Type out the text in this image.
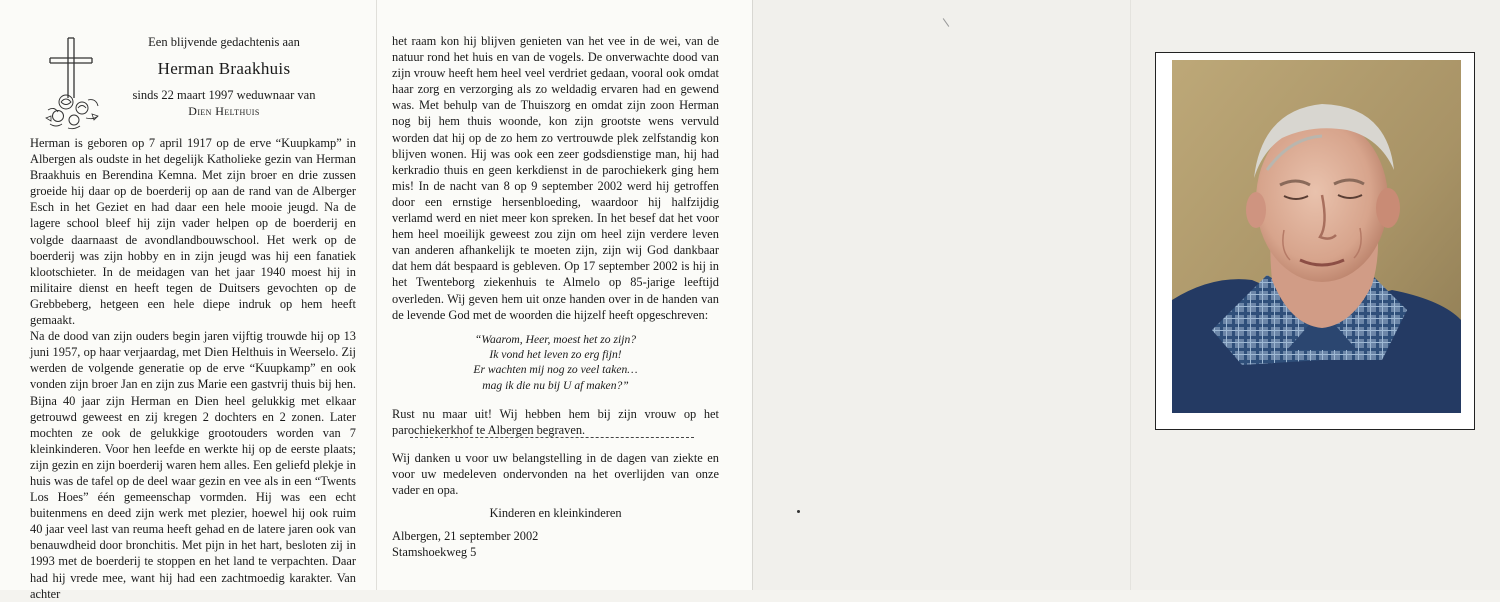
Een blijvende gedachtenis aan
Herman Braakhuis
sinds 22 maart 1997 weduwnaar van
Dien Helthuis

Herman is geboren op 7 april 1917 op de erve “Kuupkamp” in Albergen als oudste in het degelijk Katholieke gezin van Herman Braakhuis en Berendina Kemna. Met zijn broer en drie zussen groeide hij daar op de boerderij op aan de rand van de Alberger Esch in het Geziet en had daar een hele mooie jeugd. Na de lagere school bleef hij zijn vader helpen op de boerderij en volgde daarnaast de avondlandbouwschool. Het werk op de boerderij was zijn hobby en in zijn jeugd was hij een fanatiek klootschieter. In de meidagen van het jaar 1940 moest hij in militaire dienst en heeft tegen de Duitsers gevochten op de Grebbeberg, hetgeen een hele diepe indruk op hem heeft gemaakt.

Na de dood van zijn ouders begin jaren vijftig trouwde hij op 13 juni 1957, op haar verjaardag, met Dien Helthuis in Weerselo. Zij werden de volgende generatie op de erve “Kuupkamp” en ook vonden zijn broer Jan en zijn zus Marie een gastvrij thuis bij hen. Bijna 40 jaar zijn Herman en Dien heel gelukkig met elkaar getrouwd geweest en zij kregen 2 dochters en 2 zonen. Later mochten ze ook de gelukkige grootouders worden van 7 kleinkinderen. Voor hen leefde en werkte hij op de eerste plaats; zijn gezin en zijn boerderij waren hem alles. Een geliefd plekje in huis was de tafel op de deel waar gezin en vee als in een “Twents Los Hoes” één gemeenschap vormden. Hij was een echt buitenmens en deed zijn werk met plezier, hoewel hij ook ruim 40 jaar veel last van reuma heeft gehad en de latere jaren ook van benauwdheid door bronchitis. Met pijn in het hart, besloten zij in 1993 met de boerderij te stoppen en het land te verpachten. Daar had hij vrede mee, want hij had een zachtmoedig karakter. Van achter

het raam kon hij blijven genieten van het vee in de wei, van de natuur rond het huis en van de vogels. De onverwachte dood van zijn vrouw heeft hem heel veel verdriet gedaan, vooral ook omdat haar zorg en verzorging als zo weldadig ervaren had en gewend was. Met behulp van de Thuiszorg en omdat zijn zoon Herman nog bij hem thuis woonde, kon zijn grootste wens vervuld worden dat hij op de zo hem zo vertrouwde plek zelfstandig kon blijven wonen. Hij was ook een zeer godsdienstige man, hij had kerkradio thuis en geen kerkdienst in de parochiekerk ging hem mis! In de nacht van 8 op 9 september 2002 werd hij getroffen door een ernstige hersenbloeding, waardoor hij halfzijdig verlamd werd en niet meer kon spreken. In het besef dat het voor hem heel moeilijk geweest zou zijn om heel zijn verdere leven van anderen afhankelijk te moeten zijn, zijn wij God dankbaar dat hem dát bespaard is gebleven. Op 17 september 2002 is hij in het Twenteborg ziekenhuis te Almelo op 85-jarige leeftijd overleden. Wij geven hem uit onze handen over in de handen van de levende God met de woorden die hijzelf heeft opgeschreven:

“Waarom, Heer, moest het zo zijn?
Ik vond het leven zo erg fijn!
Er wachten mij nog zo veel taken…
mag ik die nu bij U af maken?”
Rust nu maar uit! Wij hebben hem bij zijn vrouw op het parochiekerkhof te Albergen begraven.
Wij danken u voor uw belangstelling in de dagen van ziekte en voor uw medeleven ondervonden na het overlijden van onze vader en opa.
Kinderen en kleinkinderen
Albergen, 21 september 2002
Stamshoekweg 5
